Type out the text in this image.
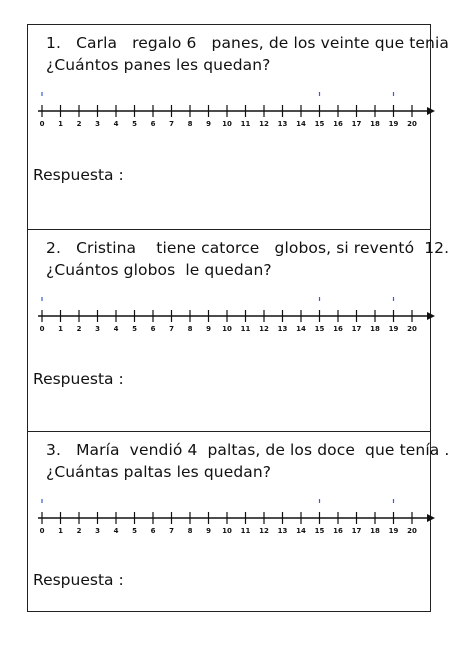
1.   Carla   regalo 6   panes, de los veinte que tenia
¿Cuántos panes les quedan?
0 1 2 3 4 5 6 7 8 9 10 11 12 13 14 15 16 17 18 19 20
Respuesta :
2.   Cristina    tiene catorce   globos, si reventó  12.
¿Cuántos globos  le quedan?
0 1 2 3 4 5 6 7 8 9 10 11 12 13 14 15 16 17 18 19 20
Respuesta :
3.   María  vendió 4  paltas, de los doce  que tenía .
¿Cuántas paltas les quedan?
0 1 2 3 4 5 6 7 8 9 10 11 12 13 14 15 16 17 18 19 20
Respuesta :
